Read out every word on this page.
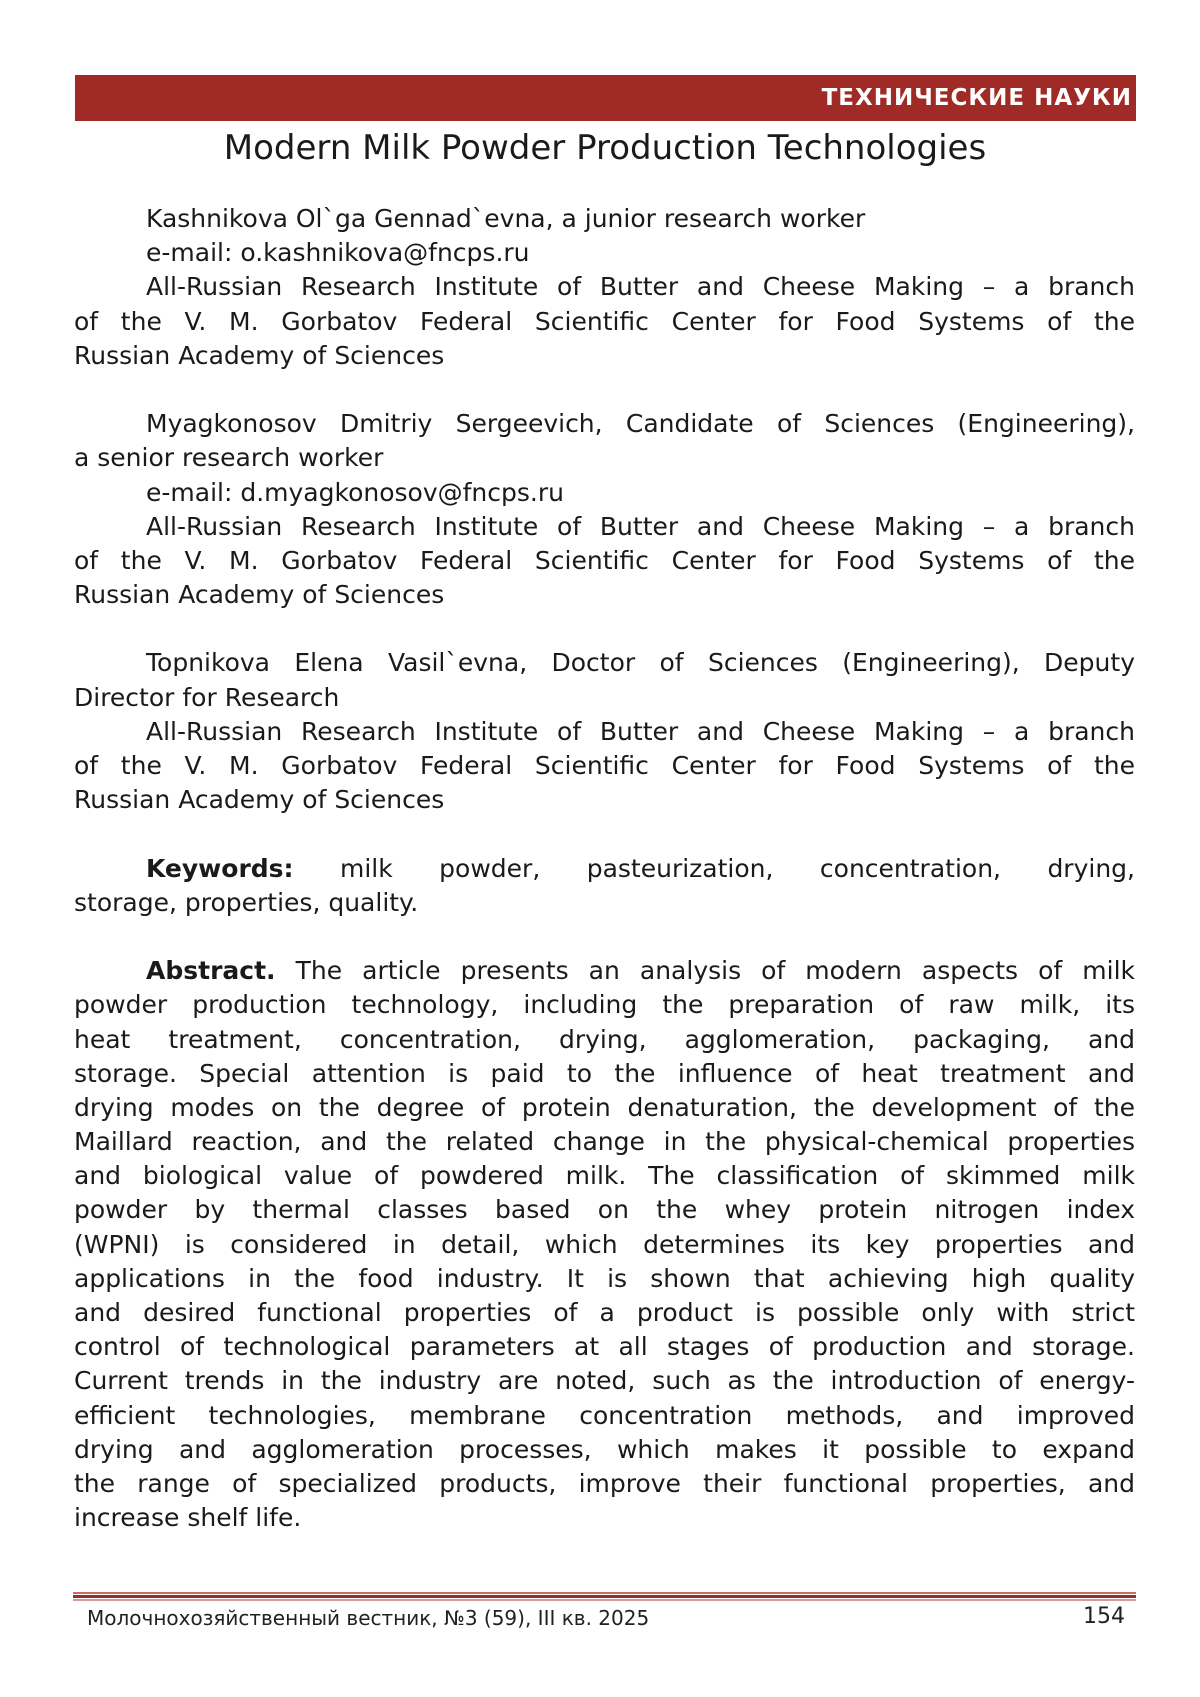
ТЕХНИЧЕСКИЕ НАУКИ
Modern Milk Powder Production Technologies
Kashnikova Ol`ga Gennad`evna, a junior research worker
e-mail: o.kashnikova@fncps.ru
All-Russian Research Institute of Butter and Cheese Making – a branch
of the V. M. Gorbatov Federal Scientific Center for Food Systems of the
Russian Academy of Sciences
Myagkonosov Dmitriy Sergeevich, Candidate of Sciences (Engineering),
a senior research worker
e-mail: d.myagkonosov@fncps.ru
All-Russian Research Institute of Butter and Cheese Making – a branch
of the V. M. Gorbatov Federal Scientific Center for Food Systems of the
Russian Academy of Sciences
Topnikova Elena Vasil`evna, Doctor of Sciences (Engineering), Deputy
Director for Research
All-Russian Research Institute of Butter and Cheese Making – a branch
of the V. M. Gorbatov Federal Scientific Center for Food Systems of the
Russian Academy of Sciences
Keywords: milk powder, pasteurization, concentration, drying,
storage, properties, quality.
Abstract. The article presents an analysis of modern aspects of milk
powder production technology, including the preparation of raw milk, its
heat treatment, concentration, drying, agglomeration, packaging, and
storage. Special attention is paid to the influence of heat treatment and
drying modes on the degree of protein denaturation, the development of the
Maillard reaction, and the related change in the physical-chemical properties
and biological value of powdered milk. The classification of skimmed milk
powder by thermal classes based on the whey protein nitrogen index
(WPNI) is considered in detail, which determines its key properties and
applications in the food industry. It is shown that achieving high quality
and desired functional properties of a product is possible only with strict
control of technological parameters at all stages of production and storage.
Current trends in the industry are noted, such as the introduction of energy-
efficient technologies, membrane concentration methods, and improved
drying and agglomeration processes, which makes it possible to expand
the range of specialized products, improve their functional properties, and
increase shelf life.
Молочнохозяйственный вестник, №3 (59), III кв. 2025	154
